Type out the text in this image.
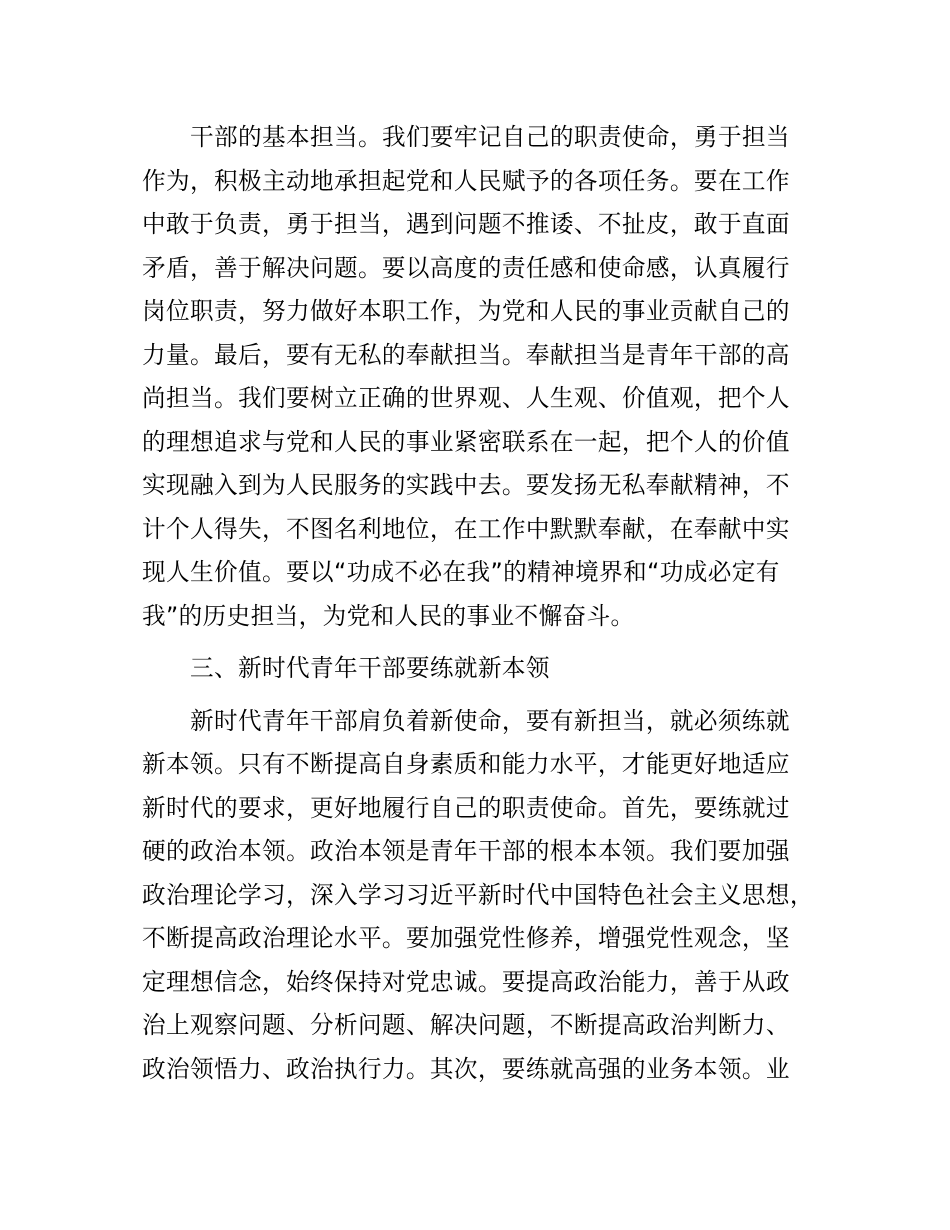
干部的基本担当。我们要牢记自己的职责使命，勇于担当
作为，积极主动地承担起党和人民赋予的各项任务。要在工作
中敢于负责，勇于担当，遇到问题不推诿、不扯皮，敢于直面
矛盾，善于解决问题。要以高度的责任感和使命感，认真履行
岗位职责，努力做好本职工作，为党和人民的事业贡献自己的
力量。最后，要有无私的奉献担当。奉献担当是青年干部的高
尚担当。我们要树立正确的世界观、人生观、价值观，把个人
的理想追求与党和人民的事业紧密联系在一起，把个人的价值
实现融入到为人民服务的实践中去。要发扬无私奉献精神，不
计个人得失，不图名利地位，在工作中默默奉献，在奉献中实
现人生价值。要以“功成不必在我”的精神境界和“功成必定有
我”的历史担当，为党和人民的事业不懈奋斗。
三、新时代青年干部要练就新本领
新时代青年干部肩负着新使命，要有新担当，就必须练就
新本领。只有不断提高自身素质和能力水平，才能更好地适应
新时代的要求，更好地履行自己的职责使命。首先，要练就过
硬的政治本领。政治本领是青年干部的根本本领。我们要加强
政治理论学习，深入学习习近平新时代中国特色社会主义思想，
不断提高政治理论水平。要加强党性修养，增强党性观念，坚
定理想信念，始终保持对党忠诚。要提高政治能力，善于从政
治上观察问题、分析问题、解决问题，不断提高政治判断力、
政治领悟力、政治执行力。其次，要练就高强的业务本领。业
